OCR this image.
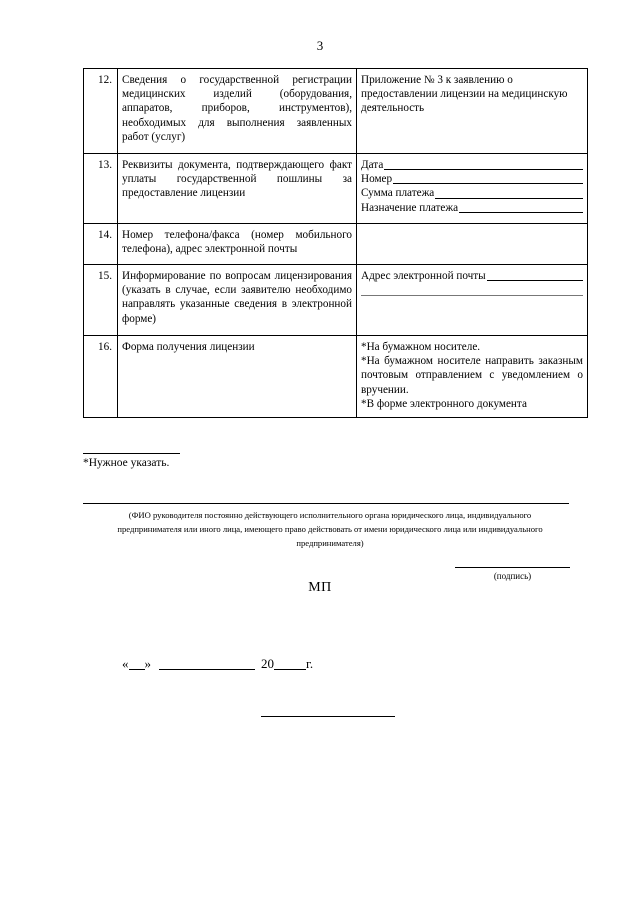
3
12.	Сведения о государственной регистрации медицинских изделий (оборудования, аппаратов, приборов, инструментов), необходимых для выполнения заявленных работ (услуг)	Приложение № 3 к заявлению о предоставлении лицензии на медицинскую деятельность

13.	Реквизиты документа, подтверждающего факт уплаты государственной пошлины за предоставление лицензии	Дата
Номер
Сумма платежа
Назначение платежа

14.	Номер телефона/факса (номер мобильного телефона), адрес электронной почты	
15.	Информирование по вопросам лицензирования (указать в случае, если заявителю необходимо направлять указанные сведения в электронной форме)	Адрес электронной почты

16.	Форма получения лицензии	*На бумажном носителе.
*На бумажном носителе направить заказным почтовым отправлением с уведомлением о вручении.
*В форме электронного документа
*Нужное указать.
(ФИО руководителя постоянно действующего исполнительного органа юридического лица, индивидуального предпринимателя или иного лица, имеющего право действовать от имени юридического лица или индивидуального предпринимателя)
(подпись)
МП
« »	20 г.
